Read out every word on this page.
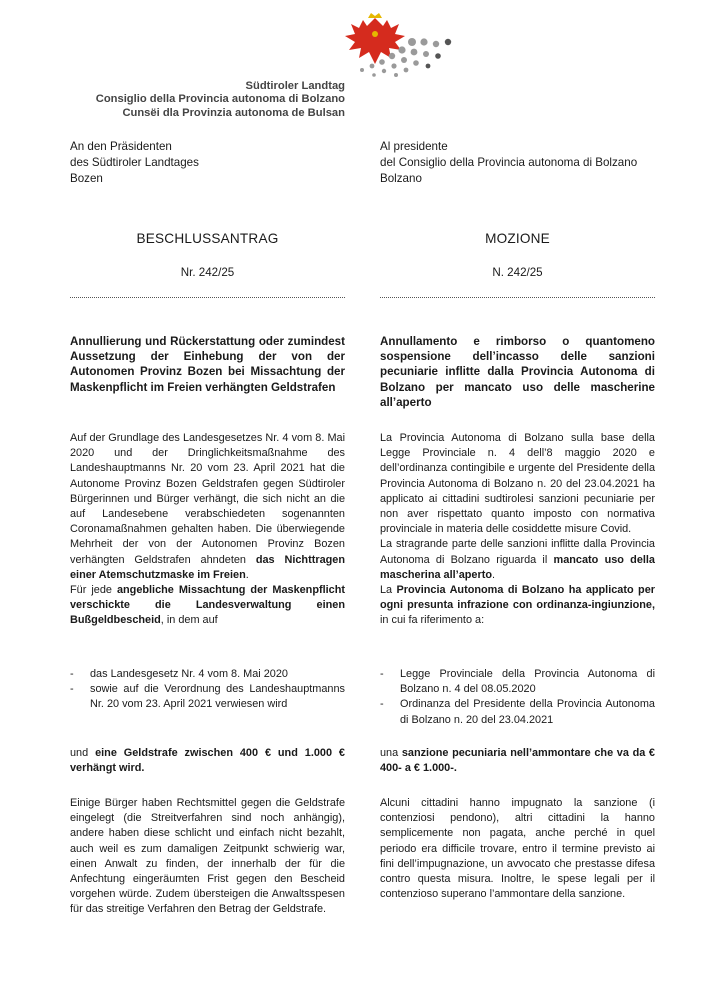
Südtiroler Landtag
Consiglio della Provincia autonoma di Bolzano
Cunsëi dla Provinzia autonoma de Bulsan
An den Präsidenten
des Südtiroler Landtages
Bozen
BESCHLUSSANTRAG
Nr. 242/25
Annullierung und Rückerstattung oder zumindest Aussetzung der Einhebung der von der Autonomen Provinz Bozen bei Missachtung der Maskenpflicht im Freien verhängten Geldstrafen
Auf der Grundlage des Landesgesetzes Nr. 4 vom 8. Mai 2020 und der Dringlichkeitsmaßnahme des Landeshauptmanns Nr. 20 vom 23. April 2021 hat die Autonome Provinz Bozen Geldstrafen gegen Südtiroler Bürgerinnen und Bürger verhängt, die sich nicht an die auf Landesebene verabschiedeten sogenannten Coronamaßnahmen gehalten haben. Die überwiegende Mehrheit der von der Autonomen Provinz Bozen verhängten Geldstrafen ahndeten das Nichttragen einer Atemschutzmaske im Freien.
Für jede angebliche Missachtung der Maskenpflicht verschickte die Landesverwaltung einen Bußgeldbescheid, in dem auf
- das Landesgesetz Nr. 4 vom 8. Mai 2020
- sowie auf die Verordnung des Landeshauptmanns Nr. 20 vom 23. April 2021 verwiesen wird
und eine Geldstrafe zwischen 400 € und 1.000 € verhängt wird.
Einige Bürger haben Rechtsmittel gegen die Geldstrafe eingelegt (die Streitverfahren sind noch anhängig), andere haben diese schlicht und einfach nicht bezahlt, auch weil es zum damaligen Zeitpunkt schwierig war, einen Anwalt zu finden, der innerhalb der für die Anfechtung eingeräumten Frist gegen den Bescheid vorgehen würde. Zudem übersteigen die Anwaltsspesen für das streitige Verfahren den Betrag der Geldstrafe.
Al presidente
del Consiglio della Provincia autonoma di Bolzano
Bolzano
MOZIONE
N. 242/25
Annullamento e rimborso o quantomeno sospensione dell’incasso delle sanzioni pecuniarie inflitte dalla Provincia Autonoma di Bolzano per mancato uso delle mascherine all’aperto
La Provincia Autonoma di Bolzano sulla base della Legge Provinciale n. 4 dell’8 maggio 2020 e dell’ordinanza contingibile e urgente del Presidente della Provincia Autonoma di Bolzano n. 20 del 23.04.2021 ha applicato ai cittadini sudtirolesi sanzioni pecuniarie per non aver rispettato quanto imposto con normativa provinciale in materia delle cosiddette misure Covid.
La stragrande parte delle sanzioni inflitte dalla Provincia Autonoma di Bolzano riguarda il mancato uso della mascherina all’aperto.
La Provincia Autonoma di Bolzano ha applicato per ogni presunta infrazione con ordinanza-ingiunzione, in cui fa riferimento a:
- Legge Provinciale della Provincia Autonoma di Bolzano n. 4 del 08.05.2020
- Ordinanza del Presidente della Provincia Autonoma di Bolzano n. 20 del 23.04.2021
una sanzione pecuniaria nell’ammontare che va da € 400- a € 1.000-.
Alcuni cittadini hanno impugnato la sanzione (i contenziosi pendono), altri cittadini la hanno semplicemente non pagata, anche perché in quel periodo era difficile trovare, entro il termine previsto ai fini dell’impugnazione, un avvocato che prestasse difesa contro questa misura. Inoltre, le spese legali per il contenzioso superano l’ammontare della sanzione.
